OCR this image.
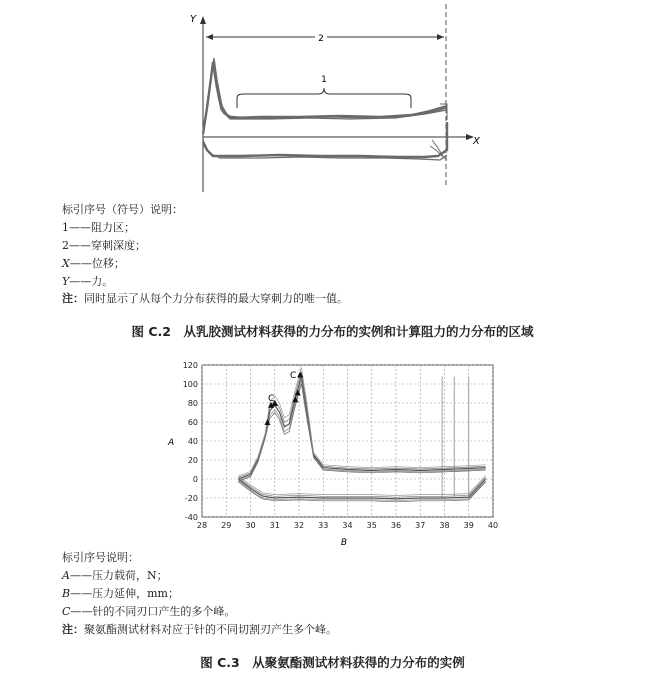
Y
X
2
1
标引序号（符号）说明：
1——阻力区；
2——穿刺深度；
X——位移；
Y——力。
注：同时显示了从每个力分布获得的最大穿刺力的唯一值。
图 C.2　从乳胶测试材料获得的力分布的实例和计算阻力的力分布的区域
28 29 30 31 32 33 34 35 36 37 38 39 40
120
100
80
60
40
20
0
-20
-40
A
B
C
C
标引序号说明：
A——压力载荷，N；
B——压力延伸，mm；
C——针的不同刃口产生的多个峰。
注：聚氨酯测试材料对应于针的不同切割刃产生多个峰。
图 C.3　从聚氨酯测试材料获得的力分布的实例
